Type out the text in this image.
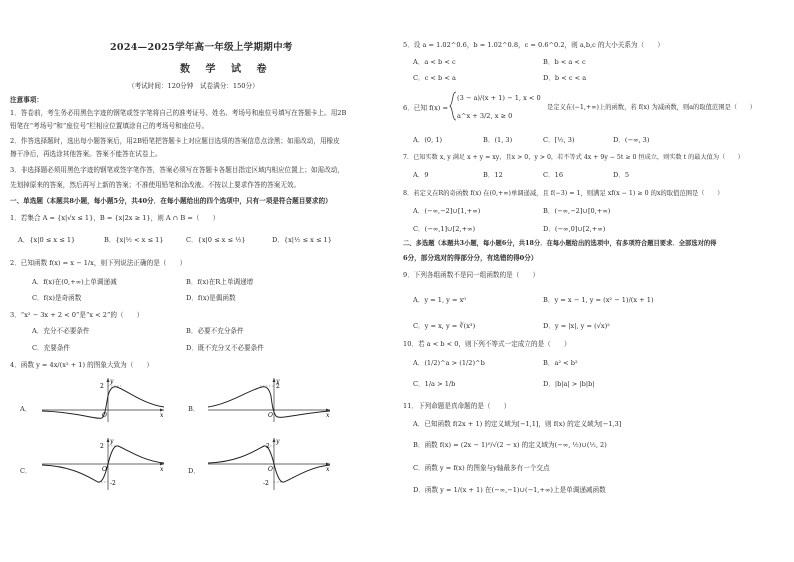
2024—2025学年高一年级上学期期中考
数 学 试 卷
（考试时间：120分钟　试卷满分：150分）
注意事项：
1．答卷前，考生务必用黑色字迹的钢笔或签字笔将自己的准考证号、姓名、考场号和座位号填写在答题卡上。用2B
铅笔在“考场号”和“座位号”栏相应位置填涂自己的考场号和座位号。
2．作答选择题时，选出每小题答案后，用2B铅笔把答题卡上对应题目选项的答案信息点涂黑；如需改动，用橡皮
擦干净后，再选涂其他答案。答案不能答在试卷上。
3．非选择题必须用黑色字迹的钢笔或签字笔作答，答案必须写在答题卡各题目指定区域内相应位置上；如需改动，
先划掉原来的答案，然后再写上新的答案；不准使用铅笔和涂改液。不按以上要求作答的答案无效。
一、单选题（本题共8小题，每小题5分，共40分．在每小题给出的四个选项中，只有一项是符合题目要求的）
1．若集合 A = {x|√x ≤ 1}，B = {x|2x ≥ 1}，则 A ∩ B =（　　）
A．{x|0 ≤ x ≤ 1}	B．{x|½ < x ≤ 1}	C．{x|0 ≤ x ≤ ½}	D．{x|½ ≤ x ≤ 1}
2．已知函数 f(x) = x − 1/x，则下列说法正确的是（　　）
A．f(x)在(0,+∞)上单调递减	B．f(x)在R上单调递增
C．f(x)是奇函数	D．f(x)是偶函数
3．“x² − 3x + 2 < 0”是“x < 2”的（　　）
A．充分不必要条件	B．必要不充分条件
C．充要条件	D．既不充分又不必要条件
4．函数 y = 4x/(x² + 1) 的图象大致为（　　）
A．	B．
C．	D．
y
2
O	x
y
2
O	x
y
2
-2
O	x
y
2
-2
O	x
5．设 a = 1.02^0.6，b = 1.02^0.8，c = 0.6^0.2，则 a,b,c 的大小关系为（　　）
A．a < b < c	B．b < a < c
C．c < b < a	D．b < c < a
6．已知 f(x) =
(3 − a)/(x + 1) − 1, x < 0
a^x + 3/2, x ≥ 0
是定义在(−1,+∞)上的函数，若 f(x) 为减函数，则a的取值范围是（　　）
A．(0, 1)	B．(1, 3)	C．[½, 3)	D．(−∞, 3)
7．已知实数 x, y 满足 x + y = xy，且x > 0，y > 0，若不等式 4x + 9y − 5t ≥ 0 恒成立，则实数 t 的最大值为（　　）
A．9	B．12	C．16	D．5
8．若定义在R的奇函数 f(x) 在(0,+∞)单调递减，且 f(−3) = 1，则满足 xf(x − 1) ≥ 0 的x的取值范围是（　　）
A．(−∞,−2]∪[1,+∞)	B．(−∞,−2]∪[0,+∞)
C．(−∞,1]∪[2,+∞)	D．(−∞,0]∪[2,+∞)
二、多选题（本题共3小题，每小题6分，共18分．在每小题给出的选项中，有多项符合题目要求．全部选对的得
6分，部分选对的得部分分，有选错的得0分）
9．下列各组函数不是同一组函数的是（　　）
A．y = 1, y = x⁰	B．y = x − 1, y = (x² − 1)/(x + 1)
C．y = x, y = ∛(x³)	D．y = |x|, y = (√x)²
10．若 a < b < 0，则下列不等式一定成立的是（　　）
A．(1/2)^a > (1/2)^b	B．a² < b²
C．1/a > 1/b	D．|b|a| > |b|b|
11．下列命题是真命题的是（　　）
A．已知函数 f(2x + 1) 的定义域为[−1,1]，则 f(x) 的定义域为[−1,3]
B．函数 f(x) = (2x − 1)⁰/√(2 − x) 的定义域为(−∞, ½)∪(½, 2)
C．函数 y = f(x) 的图象与y轴最多有一个交点
D．函数 y = 1/(x + 1) 在(−∞,−1)∪(−1,+∞)上是单调递减函数
